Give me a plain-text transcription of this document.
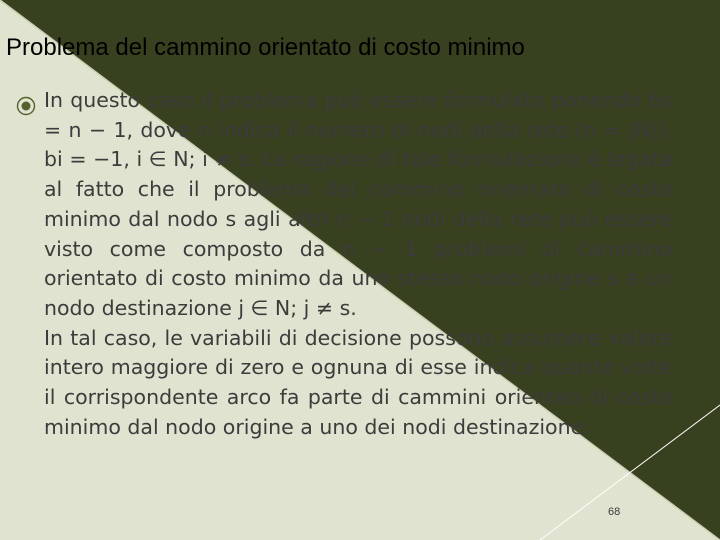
Problema del cammino orientato di costo minimo

In questo caso il problema può essere formulato ponendo bs = n − 1, dove n indica il numero di nodi della rete (n = |N|), bi = −1, i ∈ N; i ≠ s. La ragione di tale formulazione è legata al fatto che il problema del cammino orientato di costo minimo dal nodo s agli altri n − 1 nodi della rete può essere visto come composto da n − 1 problemi di cammino orientato di costo minimo da uno stesso nodo origine s a un nodo destinazione j ∈ N; j ≠ s.

In tal caso, le variabili di decisione possono assumere valore intero maggiore di zero e ognuna di esse indica quante volte il corrispondente arco fa parte di cammini orientati di costo minimo dal nodo origine a uno dei nodi destinazione.

68
